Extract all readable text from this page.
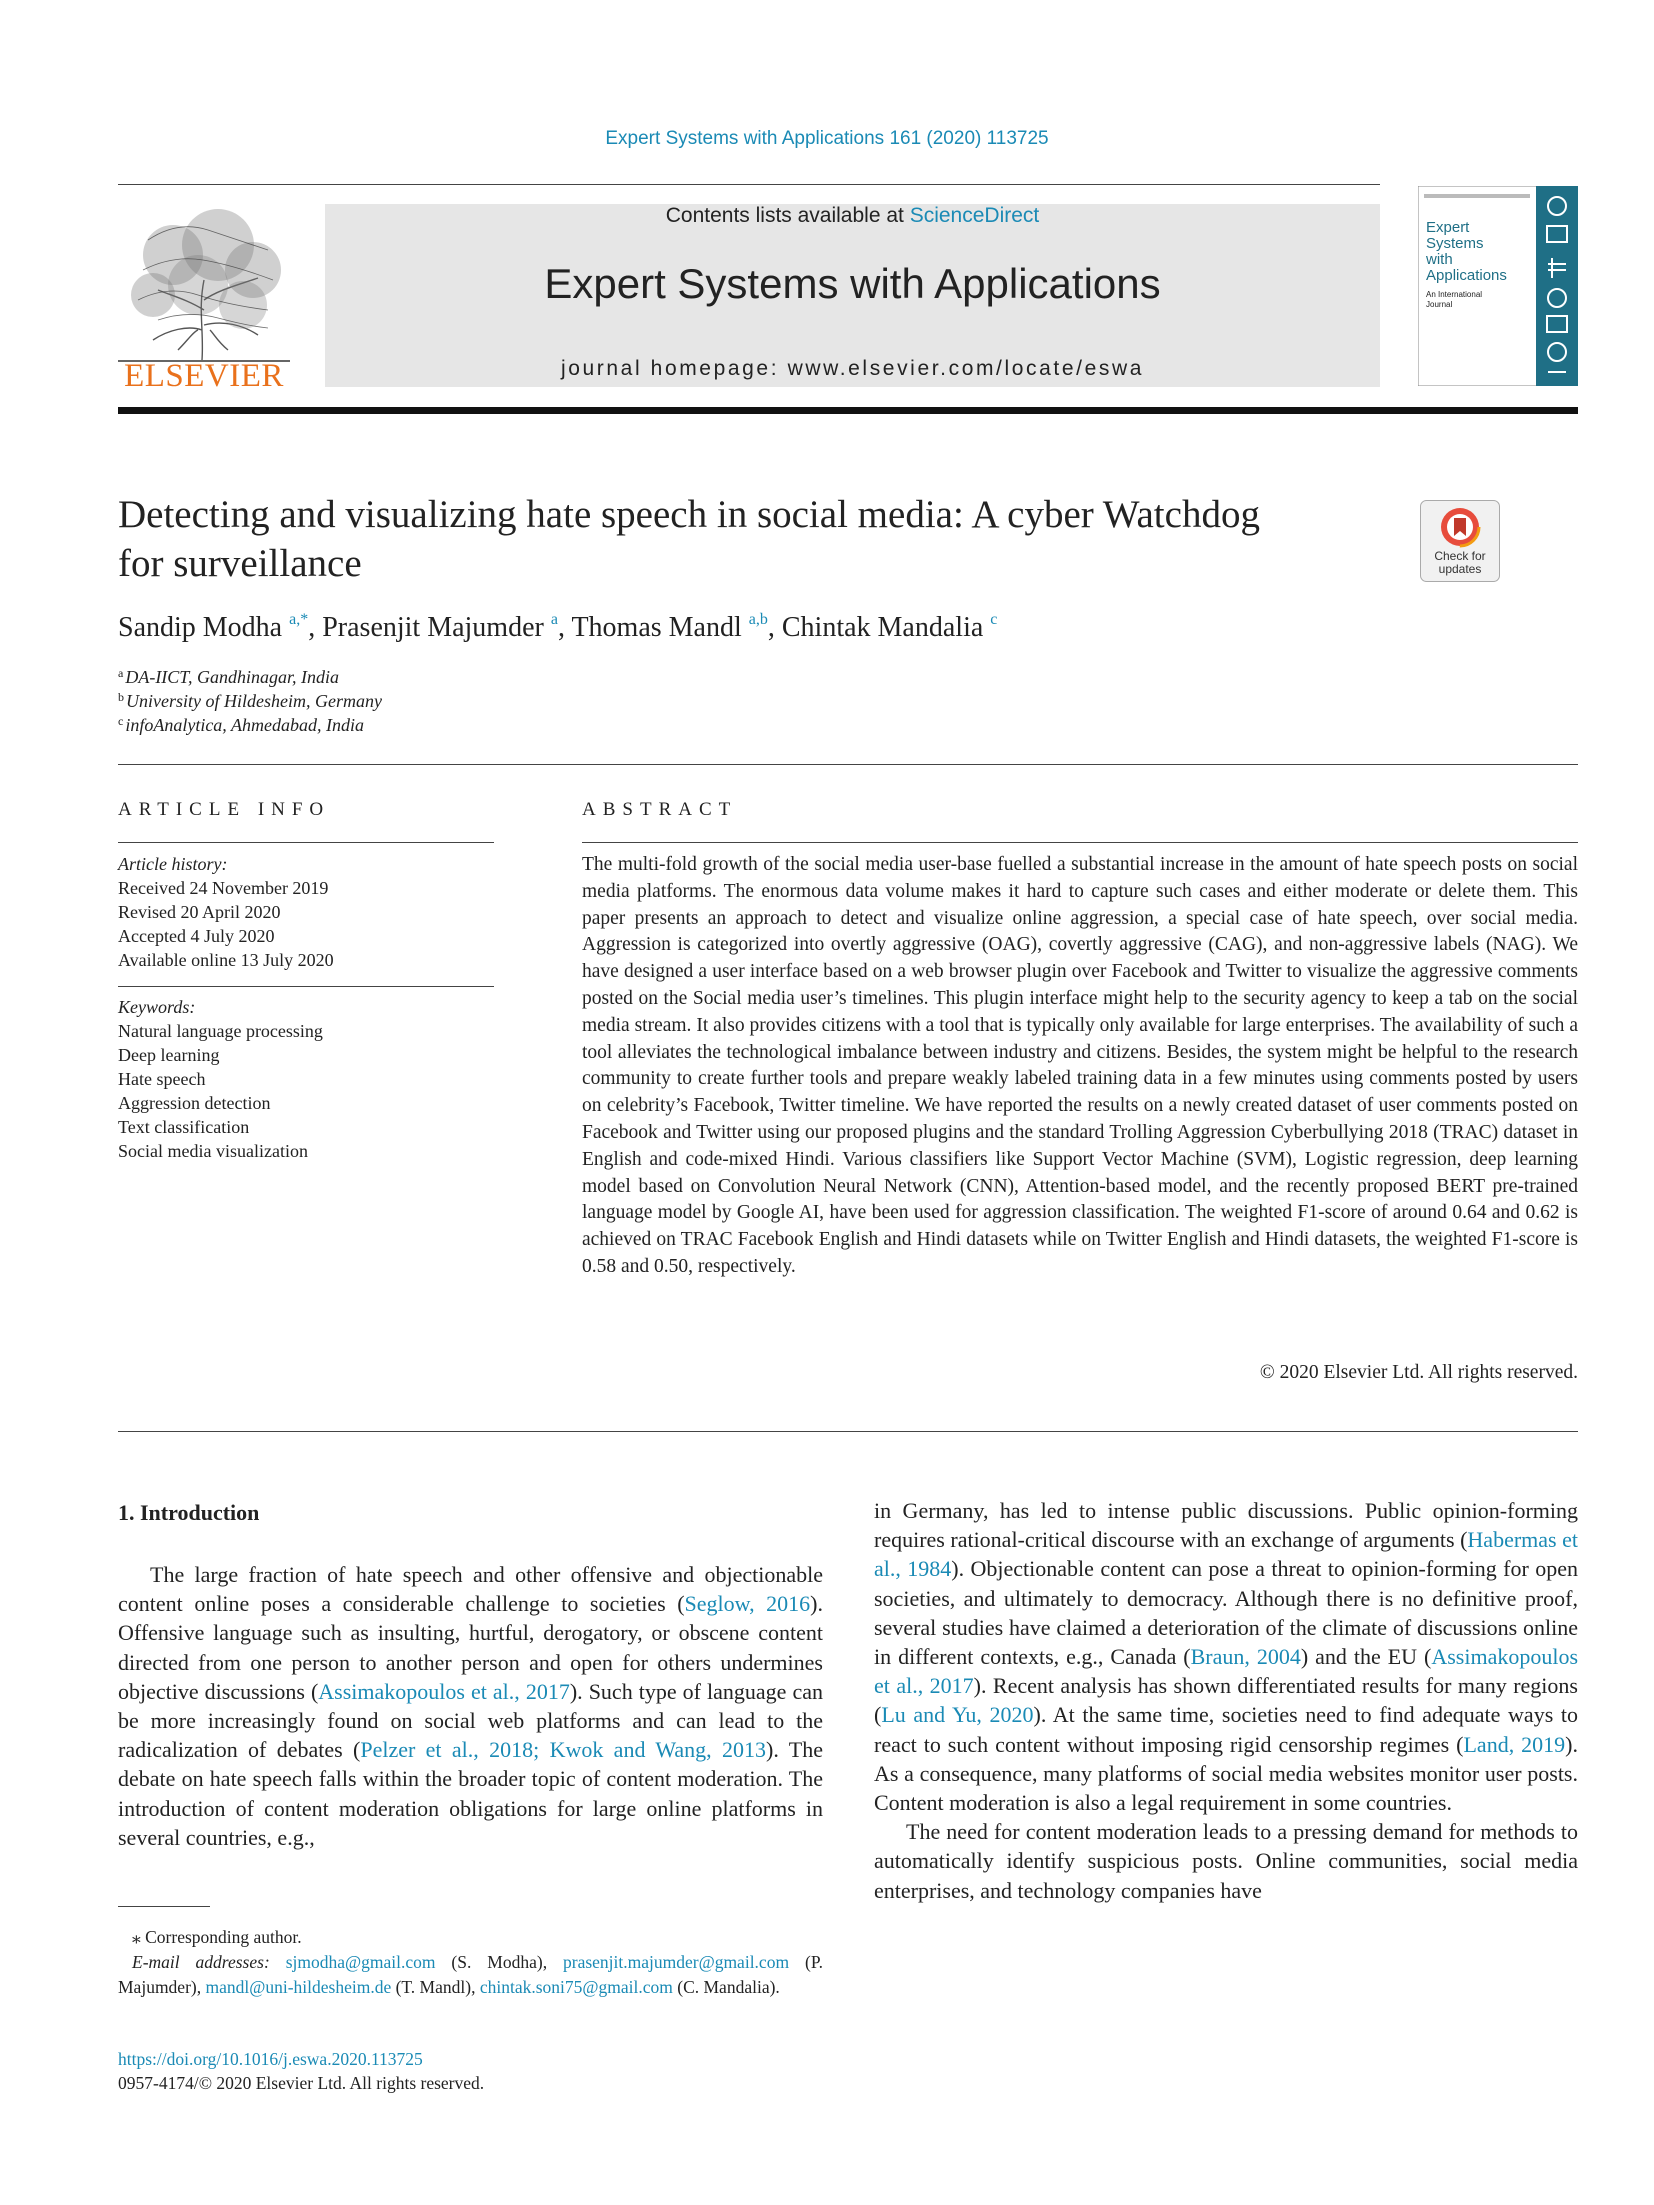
Expert Systems with Applications 161 (2020) 113725
ELSEVIER
Contents lists available at ScienceDirect
Expert Systems with Applications
journal homepage: www.elsevier.com/locate/eswa
Expert
Systems
with
Applications
An International
Journal
Detecting and visualizing hate speech in social media: A cyber Watchdog
for surveillance	Check for
updates
Sandip Modha $^{a,*}$, Prasenjit Majumder $^a$, Thomas Mandl $^{a,b}$, Chintak Mandalia $^c$
$^a$ DA-IICT, Gandhinagar, India
$^b$ University of Hildesheim, Germany
$^c$ infoAnalytica, Ahmedabad, India
ARTICLE INFO
Article history:
Received 24 November 2019
Revised 20 April 2020
Accepted 4 July 2020
Available online 13 July 2020
Keywords:
Natural language processing
Deep learning
Hate speech
Aggression detection
Text classification
Social media visualization
ABSTRACT
The multi-fold growth of the social media user-base fuelled a substantial increase in the amount of hate speech posts on social media platforms. The enormous data volume makes it hard to capture such cases and either moderate or delete them. This paper presents an approach to detect and visualize online aggression, a special case of hate speech, over social media. Aggression is categorized into overtly aggressive (OAG), covertly aggressive (CAG), and non-aggressive labels (NAG). We have designed a user interface based on a web browser plugin over Facebook and Twitter to visualize the aggressive comments posted on the Social media user’s timelines. This plugin interface might help to the security agency to keep a tab on the social media stream. It also provides citizens with a tool that is typically only available for large enterprises. The availability of such a tool alleviates the technological imbalance between industry and citizens. Besides, the system might be helpful to the research community to create further tools and prepare weakly labeled training data in a few minutes using comments posted by users on celebrity’s Facebook, Twitter timeline. We have reported the results on a newly created dataset of user comments posted on Facebook and Twitter using our proposed plugins and the standard Trolling Aggression Cyberbullying 2018 (TRAC) dataset in English and code-mixed Hindi. Various classifiers like Support Vector Machine (SVM), Logistic regression, deep learning model based on Convolution Neural Network (CNN), Attention-based model, and the recently proposed BERT pre-trained language model by Google AI, have been used for aggression classification. The weighted F1-score of around 0.64 and 0.62 is achieved on TRAC Facebook English and Hindi datasets while on Twitter English and Hindi datasets, the weighted F1-score is 0.58 and 0.50, respectively.
© 2020 Elsevier Ltd. All rights reserved.
1. Introduction

The large fraction of hate speech and other offensive and objectionable content online poses a considerable challenge to societies (Seglow, 2016). Offensive language such as insulting, hurtful, derogatory, or obscene content directed from one person to another person and open for others undermines objective discussions (Assimakopoulos et al., 2017). Such type of language can be more increasingly found on social web platforms and can lead to the radicalization of debates (Pelzer et al., 2018; Kwok and Wang, 2013). The debate on hate speech falls within the broader topic of content moderation. The introduction of content moderation obligations for large online platforms in several countries, e.g.,

in Germany, has led to intense public discussions. Public opinion-forming requires rational-critical discourse with an exchange of arguments (Habermas et al., 1984). Objectionable content can pose a threat to opinion-forming for open societies, and ultimately to democracy. Although there is no definitive proof, several studies have claimed a deterioration of the climate of discussions online in different contexts, e.g., Canada (Braun, 2004) and the EU (Assimakopoulos et al., 2017). Recent analysis has shown differentiated results for many regions (Lu and Yu, 2020). At the same time, societies need to find adequate ways to react to such content without imposing rigid censorship regimes (Land, 2019). As a consequence, many platforms of social media websites monitor user posts. Content moderation is also a legal requirement in some countries.

The need for content moderation leads to a pressing demand for methods to automatically identify suspicious posts. Online communities, social media enterprises, and technology companies have

⁎ Corresponding author.
E-mail addresses: sjmodha@gmail.com (S. Modha), prasenjit.majumder@gmail.com (P. Majumder), mandl@uni-hildesheim.de (T. Mandl), chintak.soni75@gmail.com (C. Mandalia).
https://doi.org/10.1016/j.eswa.2020.113725
0957-4174/© 2020 Elsevier Ltd. All rights reserved.
